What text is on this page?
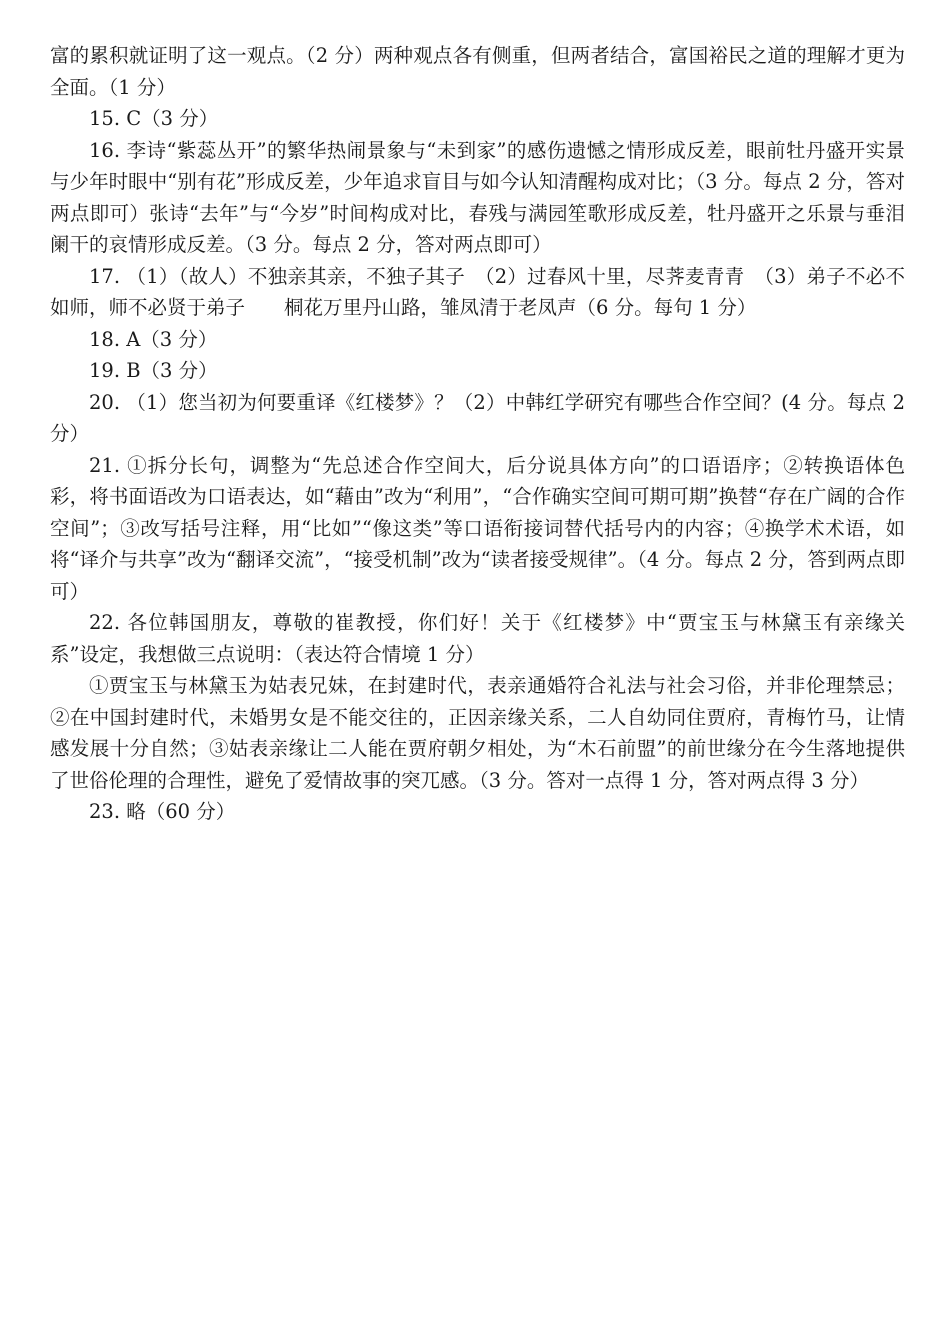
富的累积就证明了这一观点。（2 分）两种观点各有侧重，但两者结合，富国裕民之道的理解才更为全面。（1 分）

15. C（3 分）

16. 李诗“紫蕊丛开”的繁华热闹景象与“未到家”的感伤遗憾之情形成反差，眼前牡丹盛开实景与少年时眼中“别有花”形成反差，少年追求盲目与如今认知清醒构成对比；（3 分。每点 2 分，答对两点即可）张诗“去年”与“今岁”时间构成对比，春残与满园笙歌形成反差，牡丹盛开之乐景与垂泪阑干的哀情形成反差。（3 分。每点 2 分，答对两点即可）

17. （1）（故人）不独亲其亲，不独子其子　（2）过春风十里，尽荠麦青青　（3）弟子不必不如师，师不必贤于弟子　　桐花万里丹山路，雏凤清于老凤声（6 分。每句 1 分）

18. A（3 分）

19. B（3 分）

20. （1）您当初为何要重译《红楼梦》？（2）中韩红学研究有哪些合作空间？(4 分。每点 2 分）

21. ①拆分长句，调整为“先总述合作空间大，后分说具体方向”的口语语序；②转换语体色彩，将书面语改为口语表达，如“藉由”改为“利用”，“合作确实空间可期可期”换替“存在广阔的合作空间”；③改写括号注释，用“比如”“像这类”等口语衔接词替代括号内的内容；④换学术术语，如将“译介与共享”改为“翻译交流”，“接受机制”改为“读者接受规律”。（4 分。每点 2 分，答到两点即可）

22. 各位韩国朋友，尊敬的崔教授，你们好！关于《红楼梦》中“贾宝玉与林黛玉有亲缘关系”设定，我想做三点说明：（表达符合情境 1 分）

①贾宝玉与林黛玉为姑表兄妹，在封建时代，表亲通婚符合礼法与社会习俗，并非伦理禁忌；②在中国封建时代，未婚男女是不能交往的，正因亲缘关系，二人自幼同住贾府，青梅竹马，让情感发展十分自然；③姑表亲缘让二人能在贾府朝夕相处，为“木石前盟”的前世缘分在今生落地提供了世俗伦理的合理性，避免了爱情故事的突兀感。（3 分。答对一点得 1 分，答对两点得 3 分）

23. 略（60 分）
